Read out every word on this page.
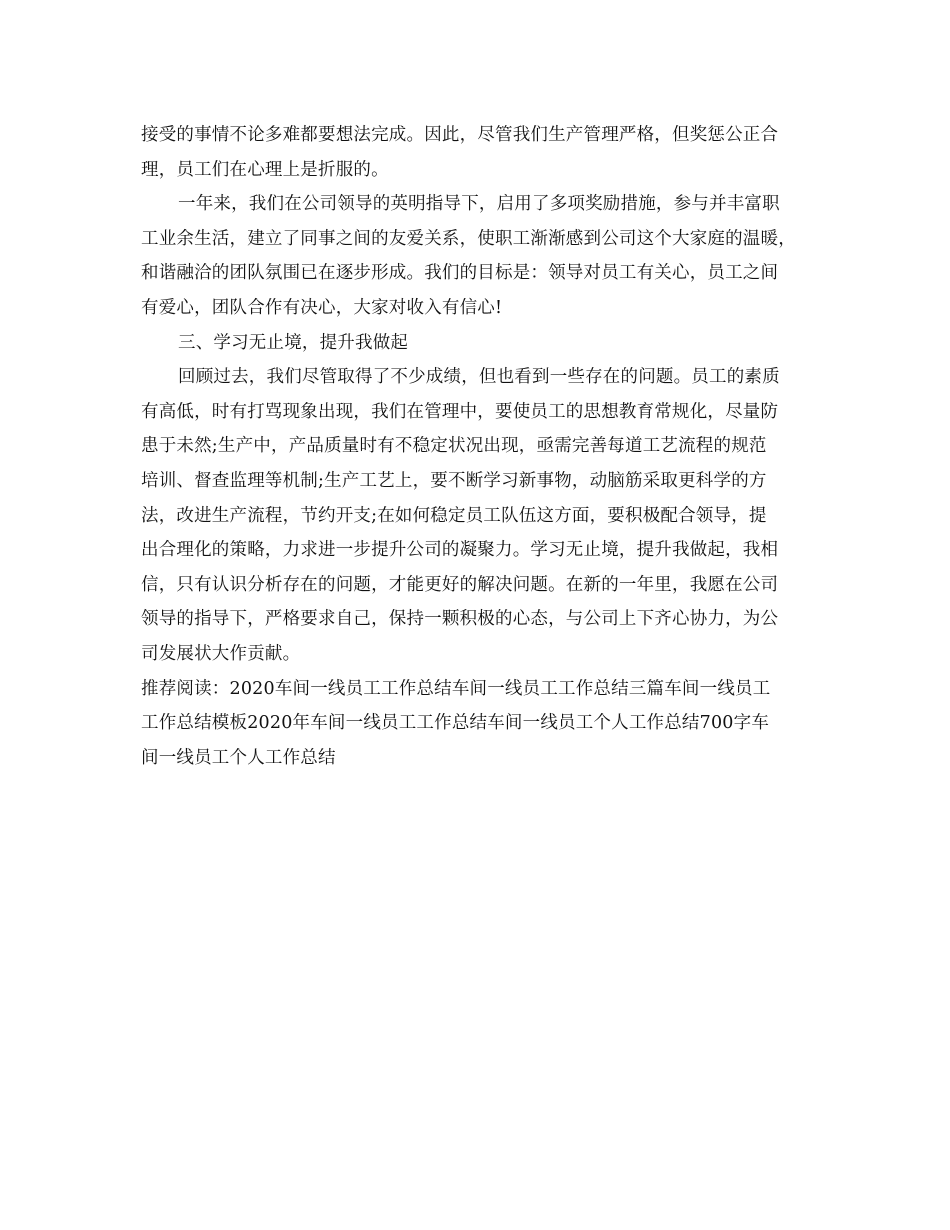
接受的事情不论多难都要想法完成。因此，尽管我们生产管理严格，但奖惩公正合
理，员工们在心理上是折服的。
一年来，我们在公司领导的英明指导下，启用了多项奖励措施，参与并丰富职
工业余生活，建立了同事之间的友爱关系，使职工渐渐感到公司这个大家庭的温暖，
和谐融洽的团队氛围已在逐步形成。我们的目标是：领导对员工有关心，员工之间
有爱心，团队合作有决心，大家对收入有信心!
三、学习无止境，提升我做起
回顾过去，我们尽管取得了不少成绩，但也看到一些存在的问题。员工的素质
有高低，时有打骂现象出现，我们在管理中，要使员工的思想教育常规化，尽量防
患于未然;生产中，产品质量时有不稳定状况出现，亟需完善每道工艺流程的规范
培训、督查监理等机制;生产工艺上，要不断学习新事物，动脑筋采取更科学的方
法，改进生产流程，节约开支;在如何稳定员工队伍这方面，要积极配合领导，提
出合理化的策略，力求进一步提升公司的凝聚力。学习无止境，提升我做起，我相
信，只有认识分析存在的问题，才能更好的解决问题。在新的一年里，我愿在公司
领导的指导下，严格要求自己，保持一颗积极的心态，与公司上下齐心协力，为公
司发展状大作贡献。
推荐阅读：2020车间一线员工工作总结车间一线员工工作总结三篇车间一线员工
工作总结模板2020年车间一线员工工作总结车间一线员工个人工作总结700字车
间一线员工个人工作总结
